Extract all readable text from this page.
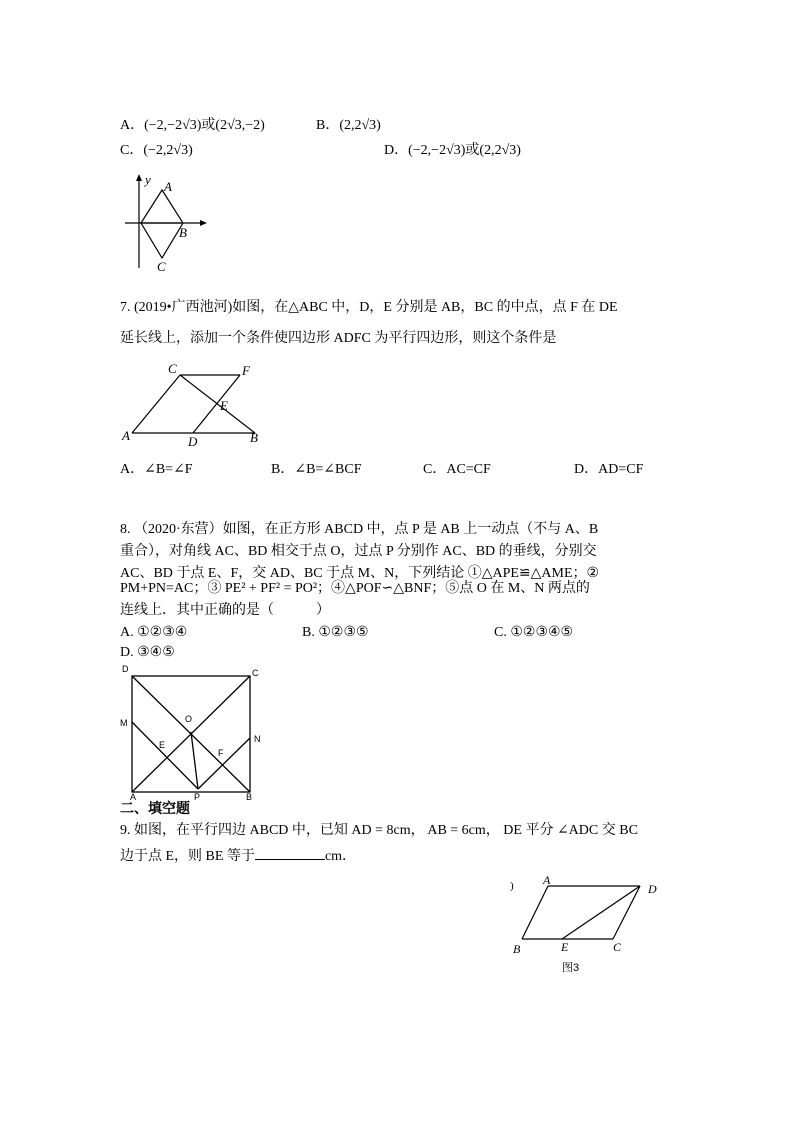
A．(−2,−2√3)或(2√3,−2)	B．(2,2√3)
C．(−2,2√3)	D．(−2,−2√3)或(2,2√3)
y A
B
C
7. (2019•广西池河)如图，在△ABC 中，D，E 分别是 AB，BC 的中点，点 F 在 DE
延长线上，添加一个条件使四边形 ADFC 为平行四边形，则这个条件是
C	F
E
A	D	B
A．∠B=∠F	B．∠B=∠BCF	C．AC=CF	D．AD=CF
8. （2020·东营）如图，在正方形 ABCD 中，点 P 是 AB 上一动点（不与 A、B
重合），对角线 AC、BD 相交于点 O，过点 P 分别作 AC、BD 的垂线，分别交
AC、BD 于点 E、F，交 AD、BC 于点 M、N，下列结论 ①△APE≌△AME；②
PM+PN=AC；③ PE² + PF² = PO²；④△POF∽△BNF；⑤点 O 在 M、N 两点的
连线上．其中正确的是（　　　）
A. ①②③④	B. ①②③⑤	C. ①②③④⑤
D. ③④⑤
D	C
M	O
N
E
F
A	P	B
二、填空题
9. 如图，在平行四边 ABCD 中，已知 AD = 8cm， AB = 6cm， DE 平分 ∠ADC 交 BC
边于点 E，则 BE 等于	cm．
) A
D
B	E	C
图3
